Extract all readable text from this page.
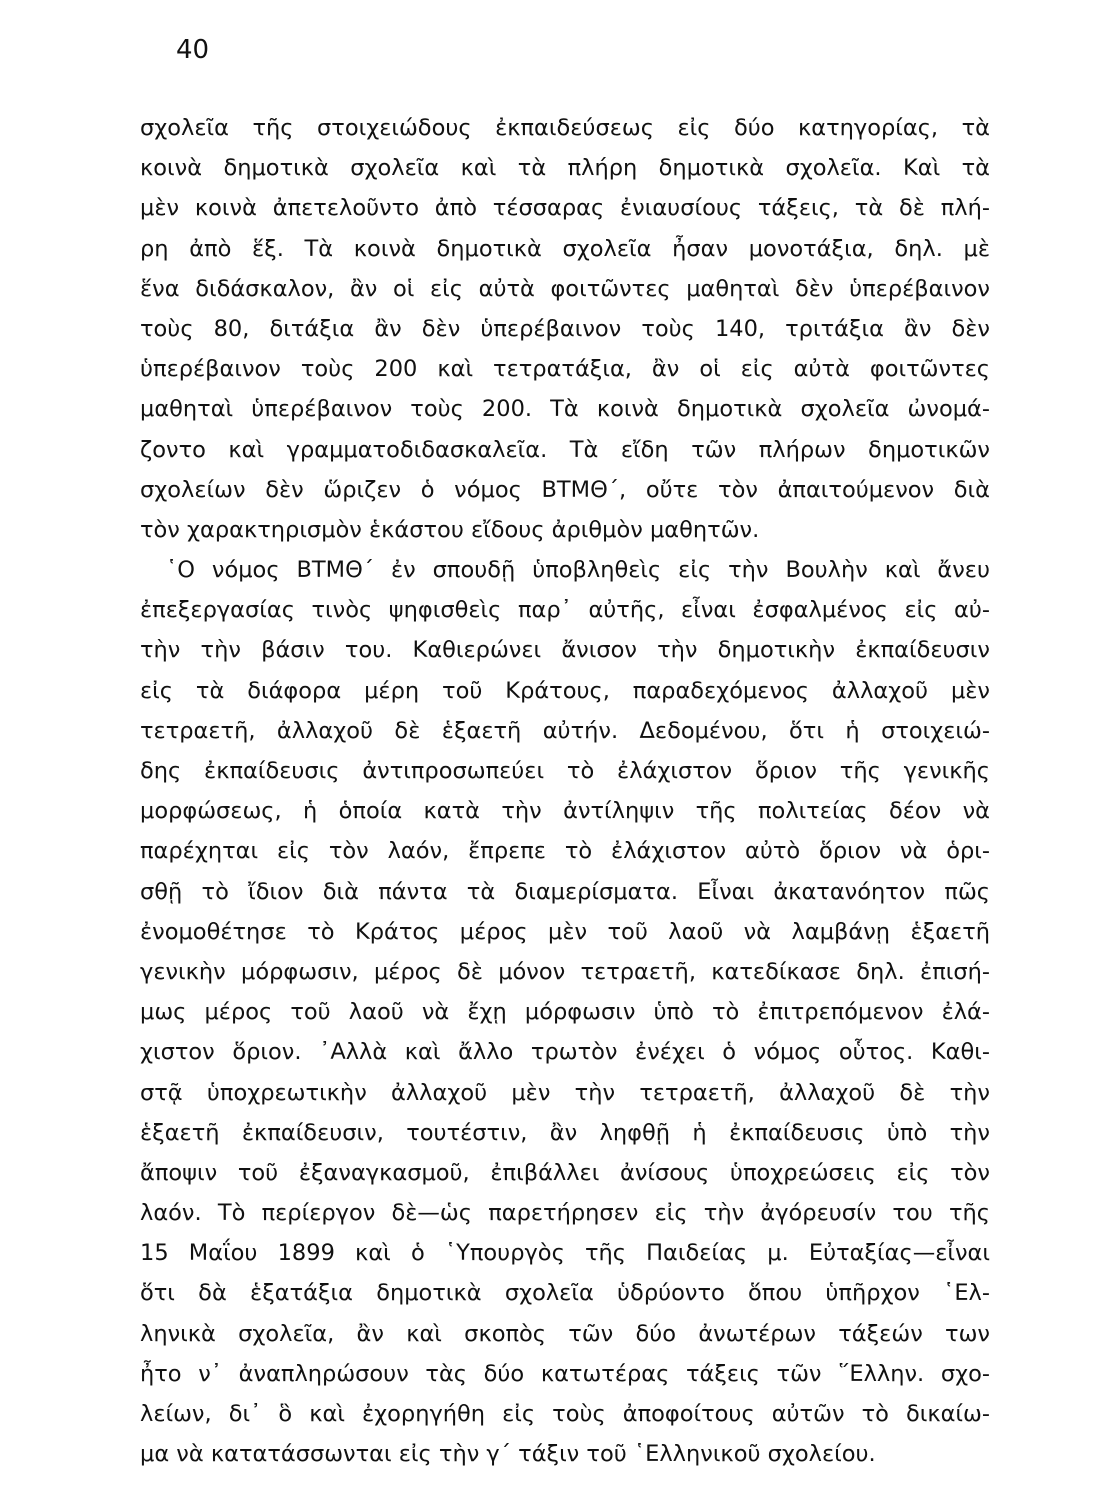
40
σχολεῖα τῆς στοιχειώδους ἐκπαιδεύσεως εἰς δύο κατηγορίας, τὰ
κοινὰ δημοτικὰ σχολεῖα καὶ τὰ πλήρη δημοτικὰ σχολεῖα. Καὶ τὰ
μὲν κοινὰ ἀπετελοῦντο ἀπὸ τέσσαρας ἐνιαυσίους τάξεις, τὰ δὲ πλή-
ρη ἀπὸ ἕξ. Τὰ κοινὰ δημοτικὰ σχολεῖα ἦσαν μονοτάξια, δηλ. μὲ
ἕνα διδάσκαλον, ἂν οἱ εἰς αὐτὰ φοιτῶντες μαθηταὶ δὲν ὑπερέβαινον
τοὺς 80, διτάξια ἂν δὲν ὑπερέβαινον τοὺς 140, τριτάξια ἂν δὲν
ὑπερέβαινον τοὺς 200 καὶ τετρατάξια, ἂν οἱ εἰς αὐτὰ φοιτῶντες
μαθηταὶ ὑπερέβαινον τοὺς 200. Τὰ κοινὰ δημοτικὰ σχολεῖα ὠνομά-
ζοντο καὶ γραμματοδιδασκαλεῖα. Τὰ εἴδη τῶν πλήρων δημοτικῶν
σχολείων δὲν ὥριζεν ὁ νόμος ΒΤΜΘ΄, οὔτε τὸν ἀπαιτούμενον διὰ
τὸν χαρακτηρισμὸν ἑκάστου εἴδους ἀριθμὸν μαθητῶν.
῾Ο νόμος ΒΤΜΘ΄ ἐν σπουδῇ ὑποβληθεὶς εἰς τὴν Βουλὴν καὶ ἄνευ
ἐπεξεργασίας τινὸς ψηφισθεὶς παρ᾽ αὐτῆς, εἶναι ἐσφαλμένος εἰς αὐ-
τὴν τὴν βάσιν του. Καθιερώνει ἄνισον τὴν δημοτικὴν ἐκπαίδευσιν
εἰς τὰ διάφορα μέρη τοῦ Κράτους, παραδεχόμενος ἀλλαχοῦ μὲν
τετραετῆ, ἀλλαχοῦ δὲ ἑξαετῆ αὐτήν. Δεδομένου, ὅτι ἡ στοιχειώ-
δης ἐκπαίδευσις ἀντιπροσωπεύει τὸ ἐλάχιστον ὅριον τῆς γενικῆς
μορφώσεως, ἡ ὁποία κατὰ τὴν ἀντίληψιν τῆς πολιτείας δέον νὰ
παρέχηται εἰς τὸν λαόν, ἔπρεπε τὸ ἐλάχιστον αὐτὸ ὅριον νὰ ὁρι-
σθῇ τὸ ἴδιον διὰ πάντα τὰ διαμερίσματα. Εἶναι ἀκατανόητον πῶς
ἐνομοθέτησε τὸ Κράτος μέρος μὲν τοῦ λαοῦ νὰ λαμβάνῃ ἑξαετῆ
γενικὴν μόρφωσιν, μέρος δὲ μόνον τετραετῆ, κατεδίκασε δηλ. ἐπισή-
μως μέρος τοῦ λαοῦ νὰ ἔχῃ μόρφωσιν ὑπὸ τὸ ἐπιτρεπόμενον ἐλά-
χιστον ὅριον. ᾿Αλλὰ καὶ ἄλλο τρωτὸν ἐνέχει ὁ νόμος οὗτος. Καθι-
στᾷ ὑποχρεωτικὴν ἀλλαχοῦ μὲν τὴν τετραετῆ, ἀλλαχοῦ δὲ τὴν
ἑξαετῆ ἐκπαίδευσιν, τουτέστιν, ἂν ληφθῇ ἡ ἐκπαίδευσις ὑπὸ τὴν
ἄποψιν τοῦ ἐξαναγκασμοῦ, ἐπιβάλλει ἀνίσους ὑποχρεώσεις εἰς τὸν
λαόν. Τὸ περίεργον δὲ—ὡς παρετήρησεν εἰς τὴν ἀγόρευσίν του τῆς
15 Μαΐου 1899 καὶ ὁ ῾Υπουργὸς τῆς Παιδείας μ. Εὐταξίας—εἶναι
ὅτι δὰ ἑξατάξια δημοτικὰ σχολεῖα ὑδρύοντο ὅπου ὑπῆρχον ῾Ελ-
ληνικὰ σχολεῖα, ἂν καὶ σκοπὸς τῶν δύο ἀνωτέρων τάξεών των
ἦτο ν᾽ ἀναπληρώσουν τὰς δύο κατωτέρας τάξεις τῶν ῞Ελλην. σχο-
λείων, δι᾽ ὃ καὶ ἐχορηγήθη εἰς τοὺς ἀποφοίτους αὐτῶν τὸ δικαίω-
μα νὰ κατατάσσωνται εἰς τὴν γ΄ τάξιν τοῦ ῾Ελληνικοῦ σχολείου.
